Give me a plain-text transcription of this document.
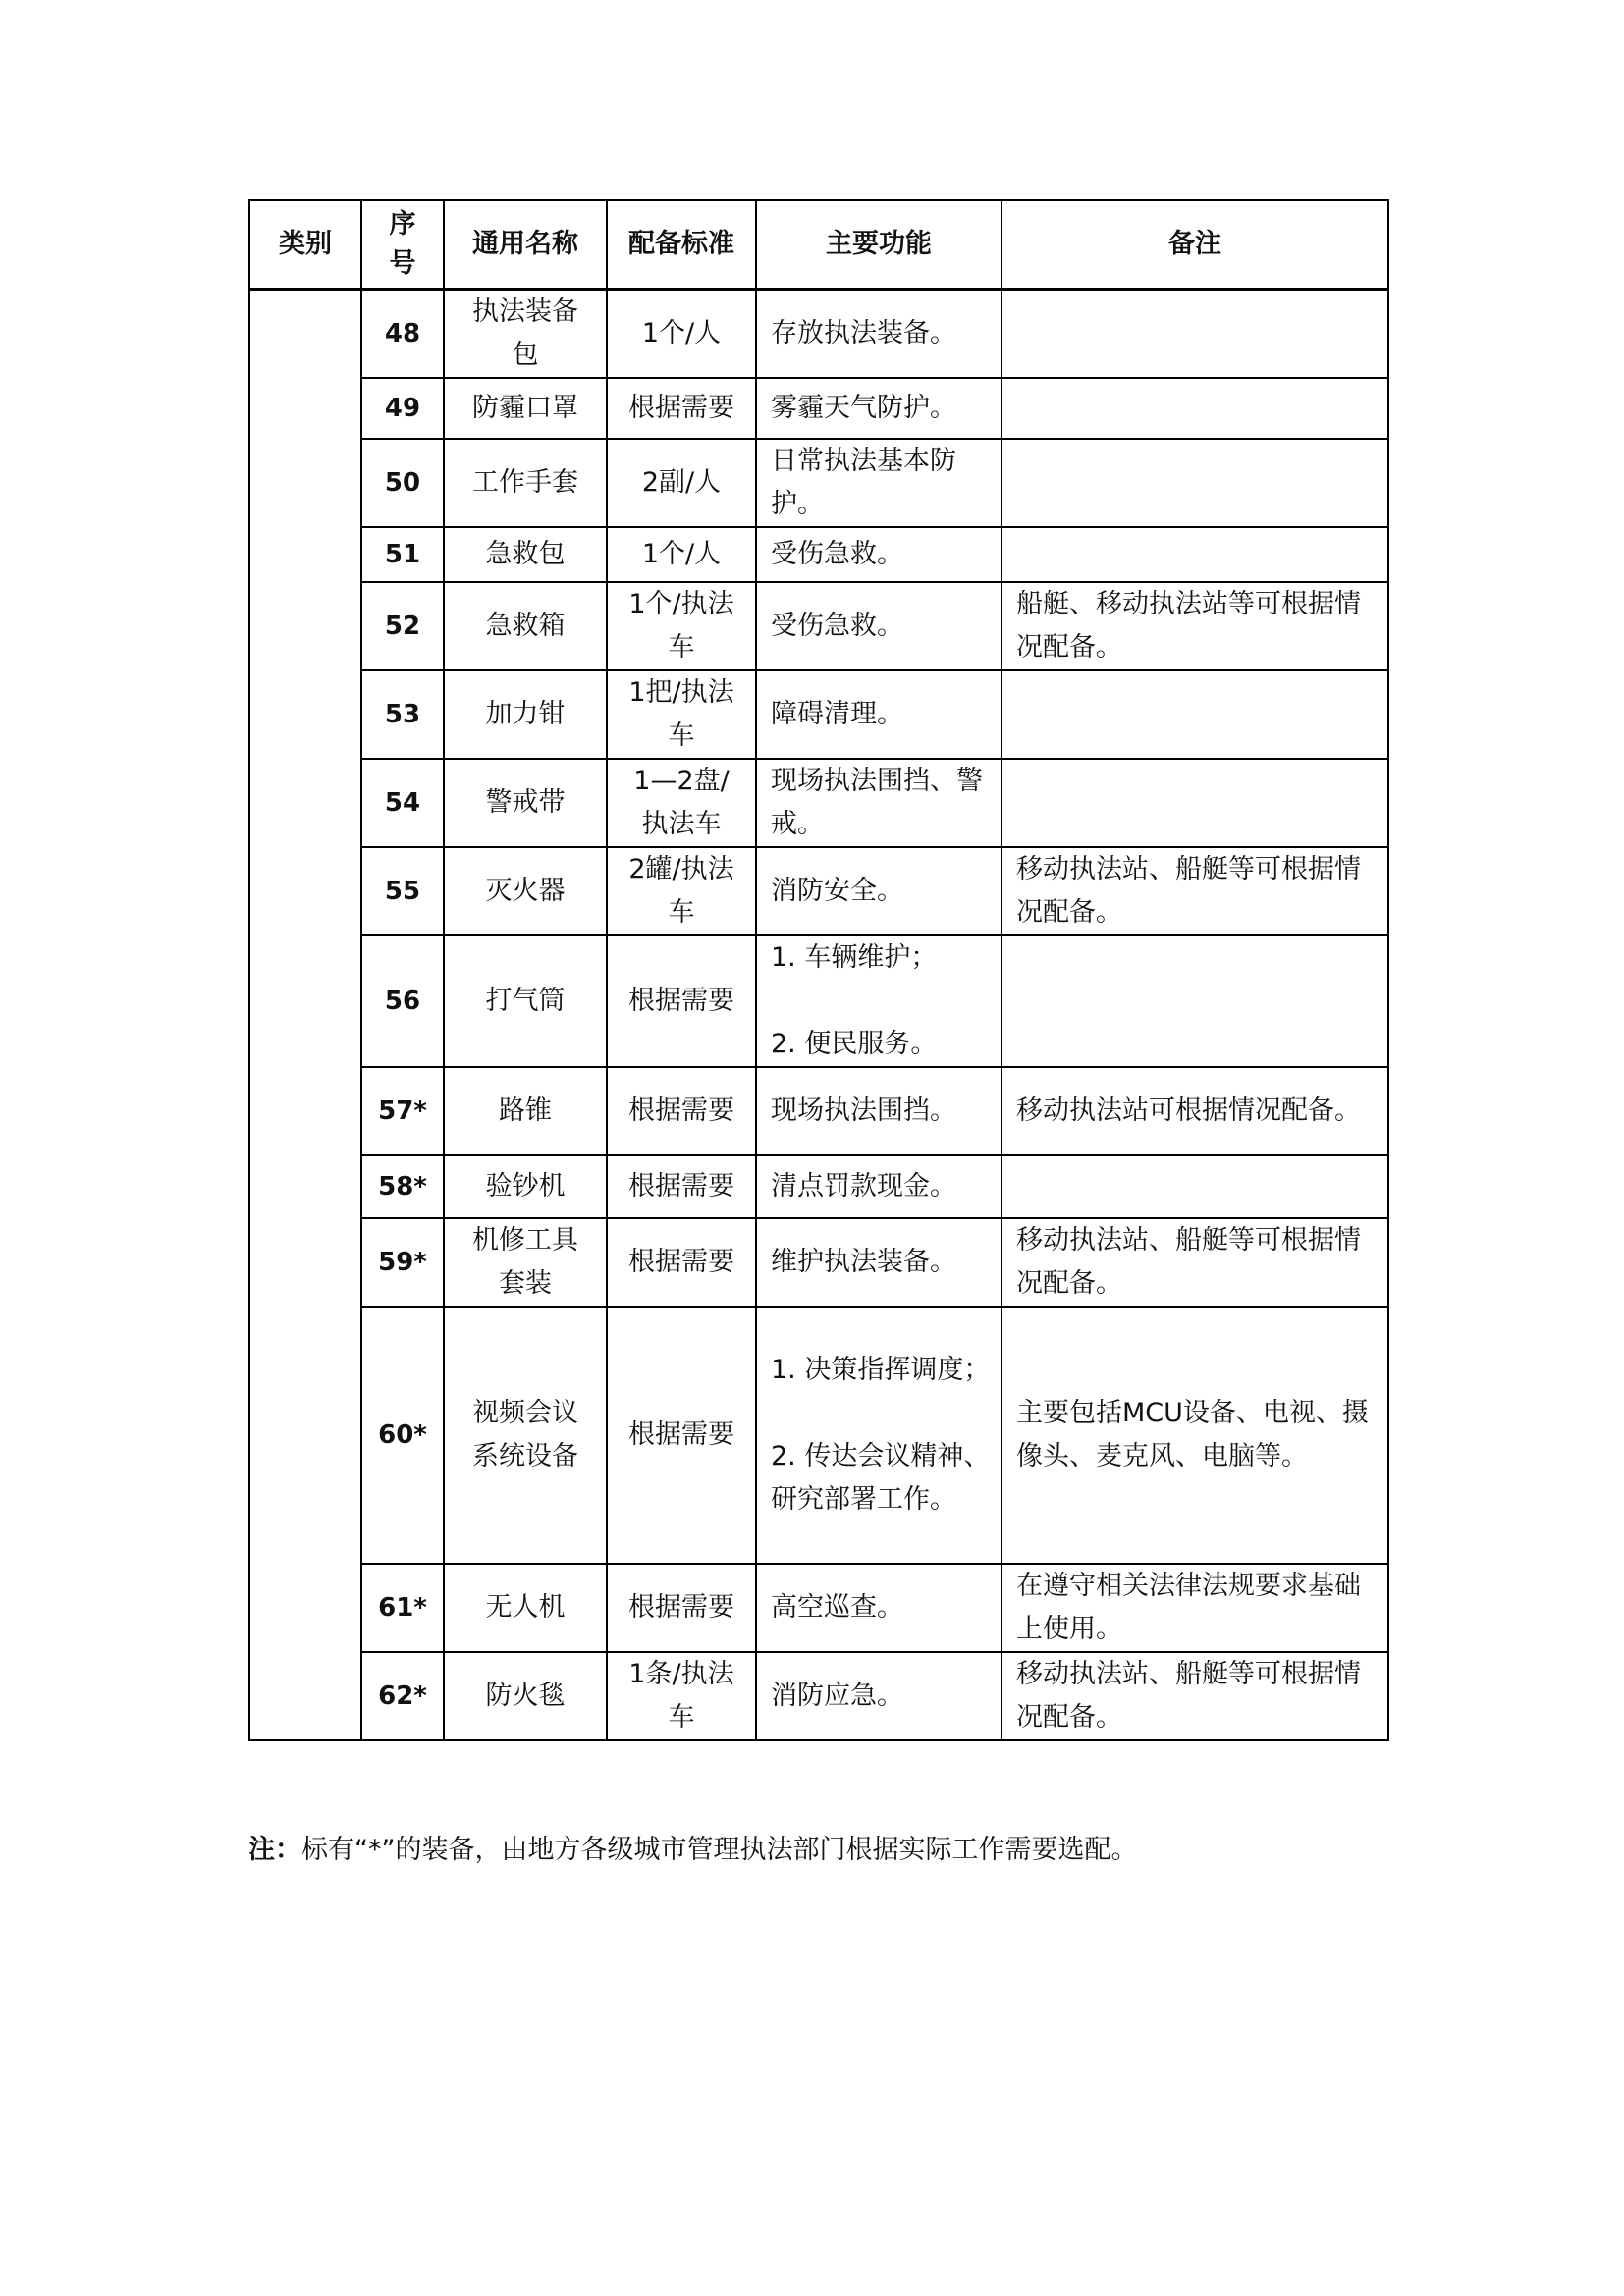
类别	序号	通用名称	配备标准	主要功能	备注
	48	执法装备包	1个/人	存放执法装备。	

	49	防霾口罩	根据需要	雾霾天气防护。	

	50	工作手套	2副/人	日常执法基本防护。	

	51	急救包	1个/人	受伤急救。	

	52	急救箱	1个/执法车	受伤急救。	船艇、移动执法站等可根据情况配备。
	53	加力钳	1把/执法车	障碍清理。	

	54	警戒带	1—2盘/执法车	现场执法围挡、警戒。	

	55	灭火器	2罐/执法车	消防安全。	移动执法站、船艇等可根据情况配备。
	56	打气筒	根据需要	1. 车辆维护；
2. 便民服务。	

	57*	路锥	根据需要	现场执法围挡。	移动执法站可根据情况配备。
	58*	验钞机	根据需要	清点罚款现金。	

	59*	机修工具套装	根据需要	维护执法装备。	移动执法站、船艇等可根据情况配备。
	60*	视频会议系统设备	根据需要	1. 决策指挥调度；
2. 传达会议精神、研究部署工作。	主要包括MCU设备、电视、摄像头、麦克风、电脑等。
	61*	无人机	根据需要	高空巡查。	在遵守相关法律法规要求基础上使用。
	62*	防火毯	1条/执法车	消防应急。	移动执法站、船艇等可根据情况配备。
注：标有“*”的装备，由地方各级城市管理执法部门根据实际工作需要选配。
